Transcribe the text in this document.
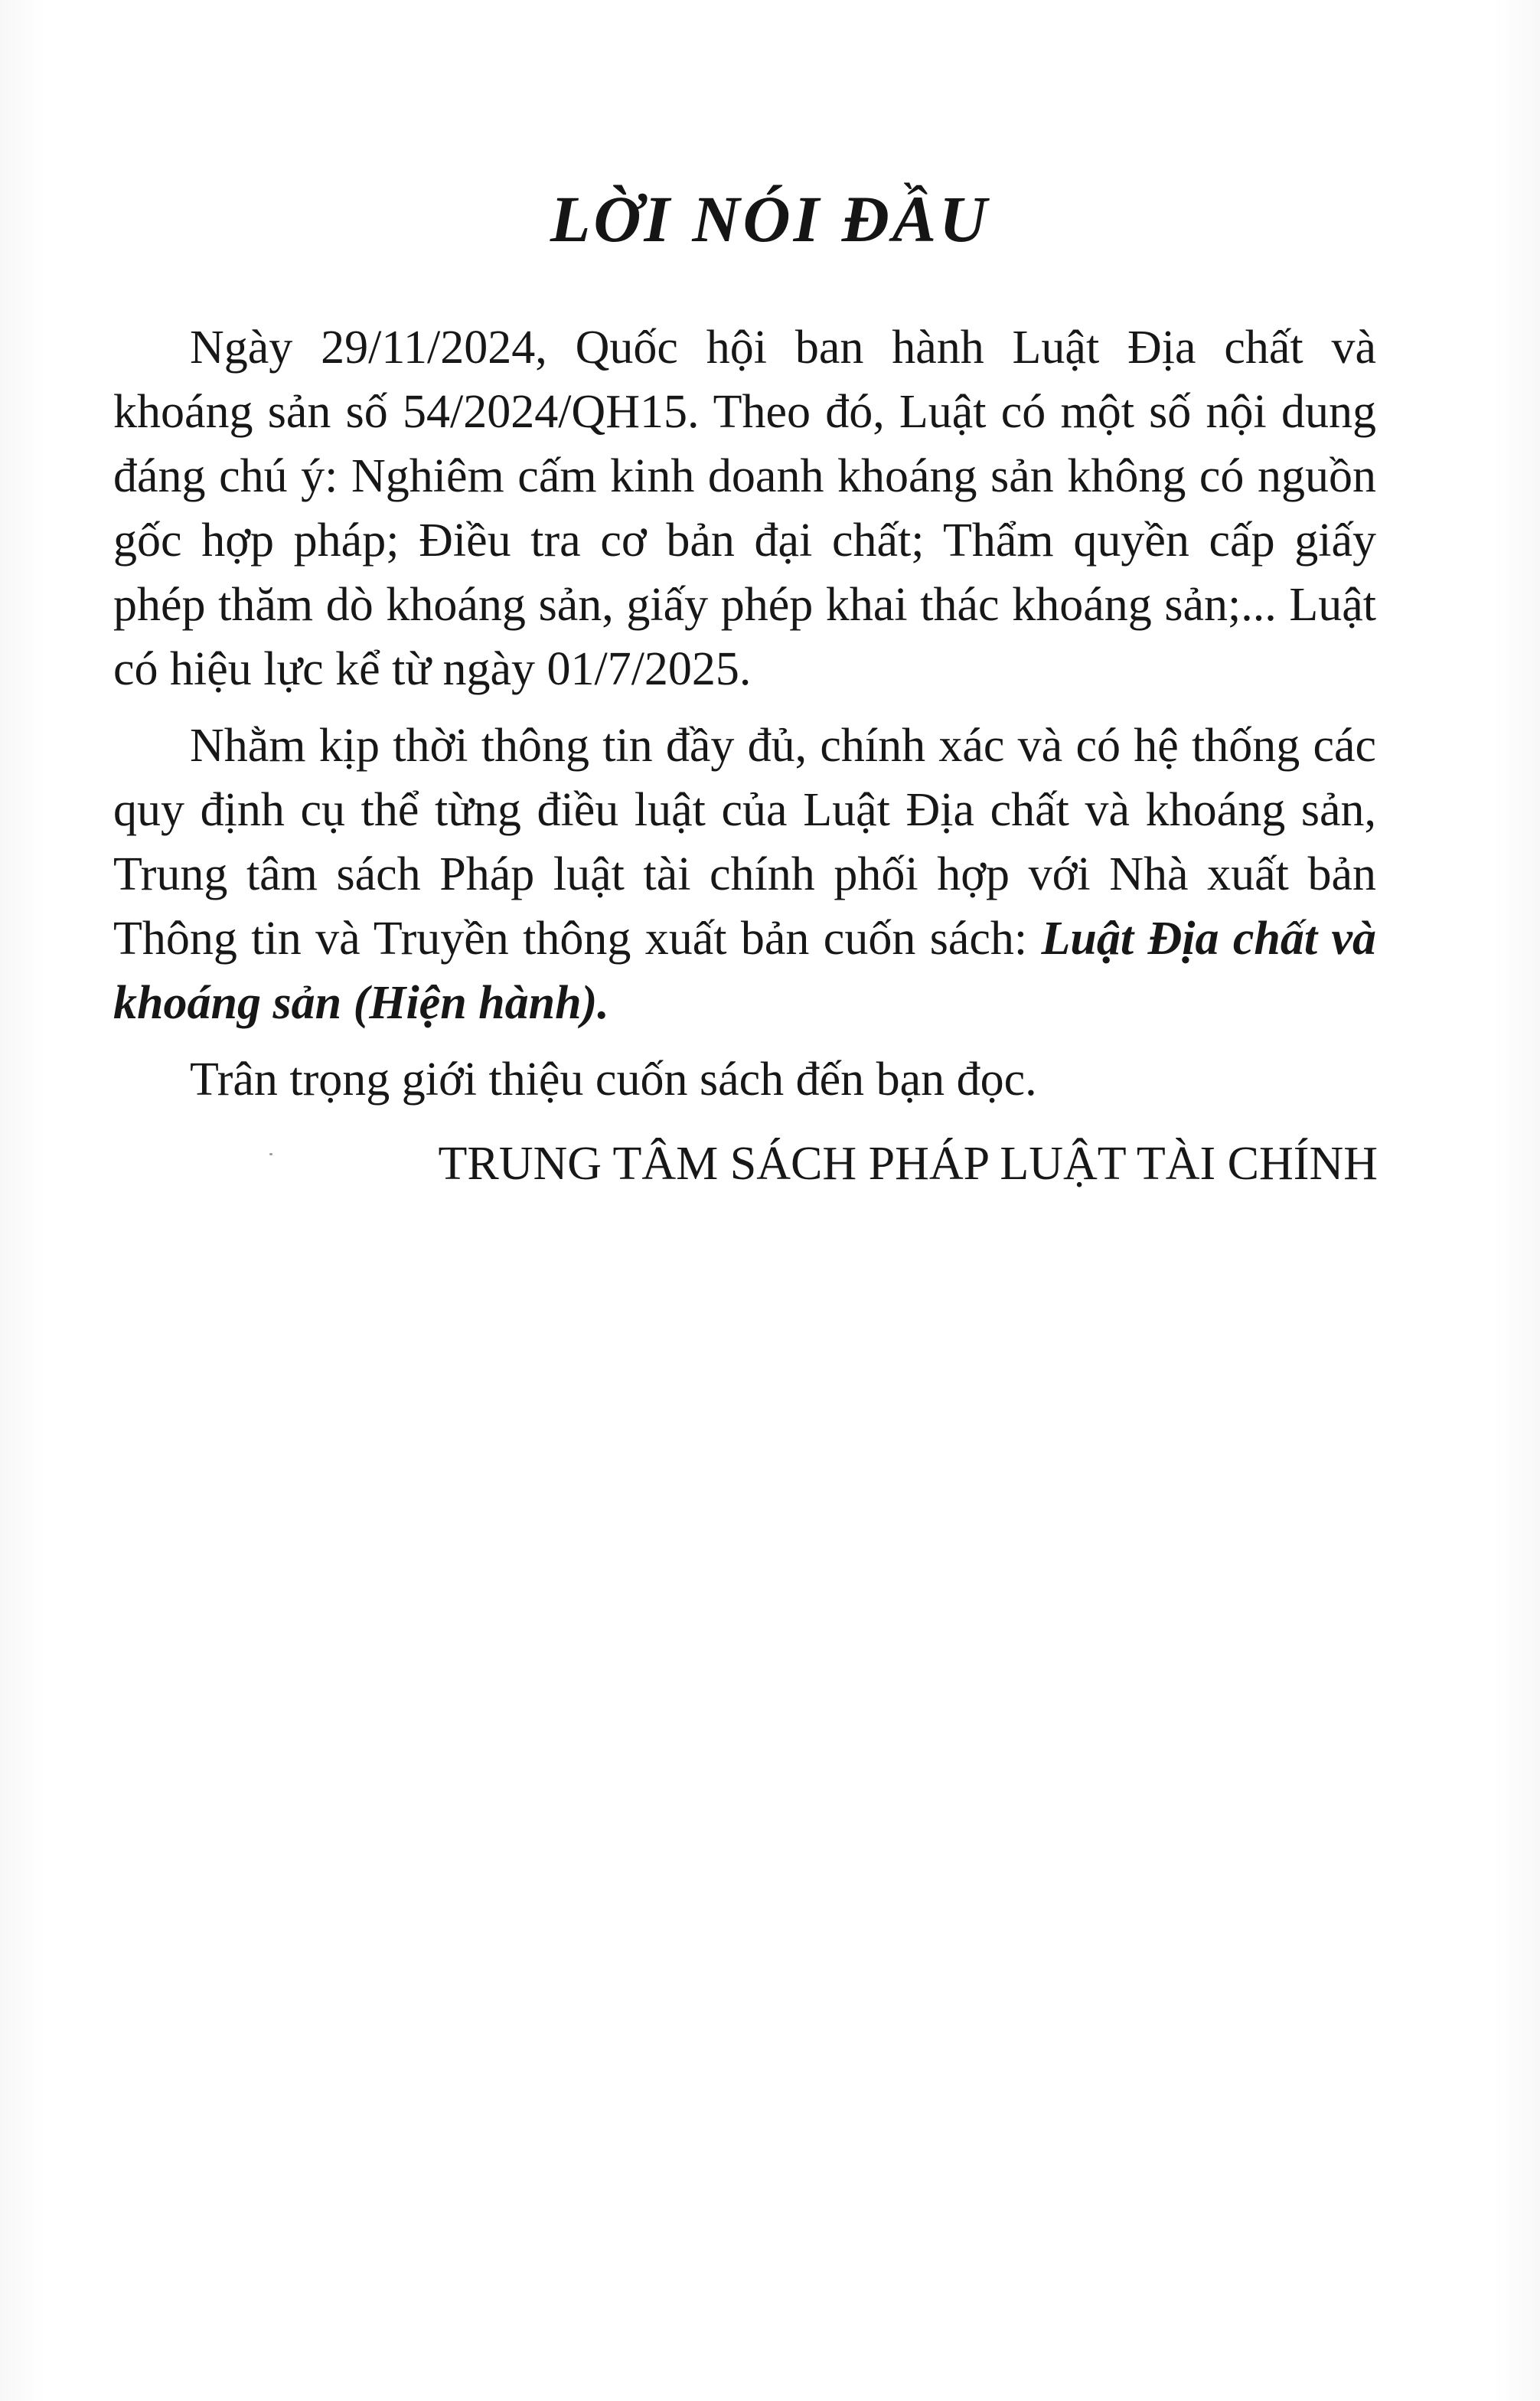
LỜI NÓI ĐẦU

Ngày 29/11/2024, Quốc hội ban hành Luật Địa chất và khoáng sản số 54/2024/QH15. Theo đó, Luật có một số nội dung đáng chú ý: Nghiêm cấm kinh doanh khoáng sản không có nguồn gốc hợp pháp; Điều tra cơ bản đại chất; Thẩm quyền cấp giấy phép thăm dò khoáng sản, giấy phép khai thác khoáng sản;... Luật có hiệu lực kể từ ngày 01/7/2025.

Nhằm kịp thời thông tin đầy đủ, chính xác và có hệ thống các quy định cụ thể từng điều luật của Luật Địa chất và khoáng sản, Trung tâm sách Pháp luật tài chính phối hợp với Nhà xuất bản Thông tin và Truyền thông xuất bản cuốn sách: Luật Địa chất và khoáng sản (Hiện hành).

Trân trọng giới thiệu cuốn sách đến bạn đọc.

TRUNG TÂM SÁCH PHÁP LUẬT TÀI CHÍNH
